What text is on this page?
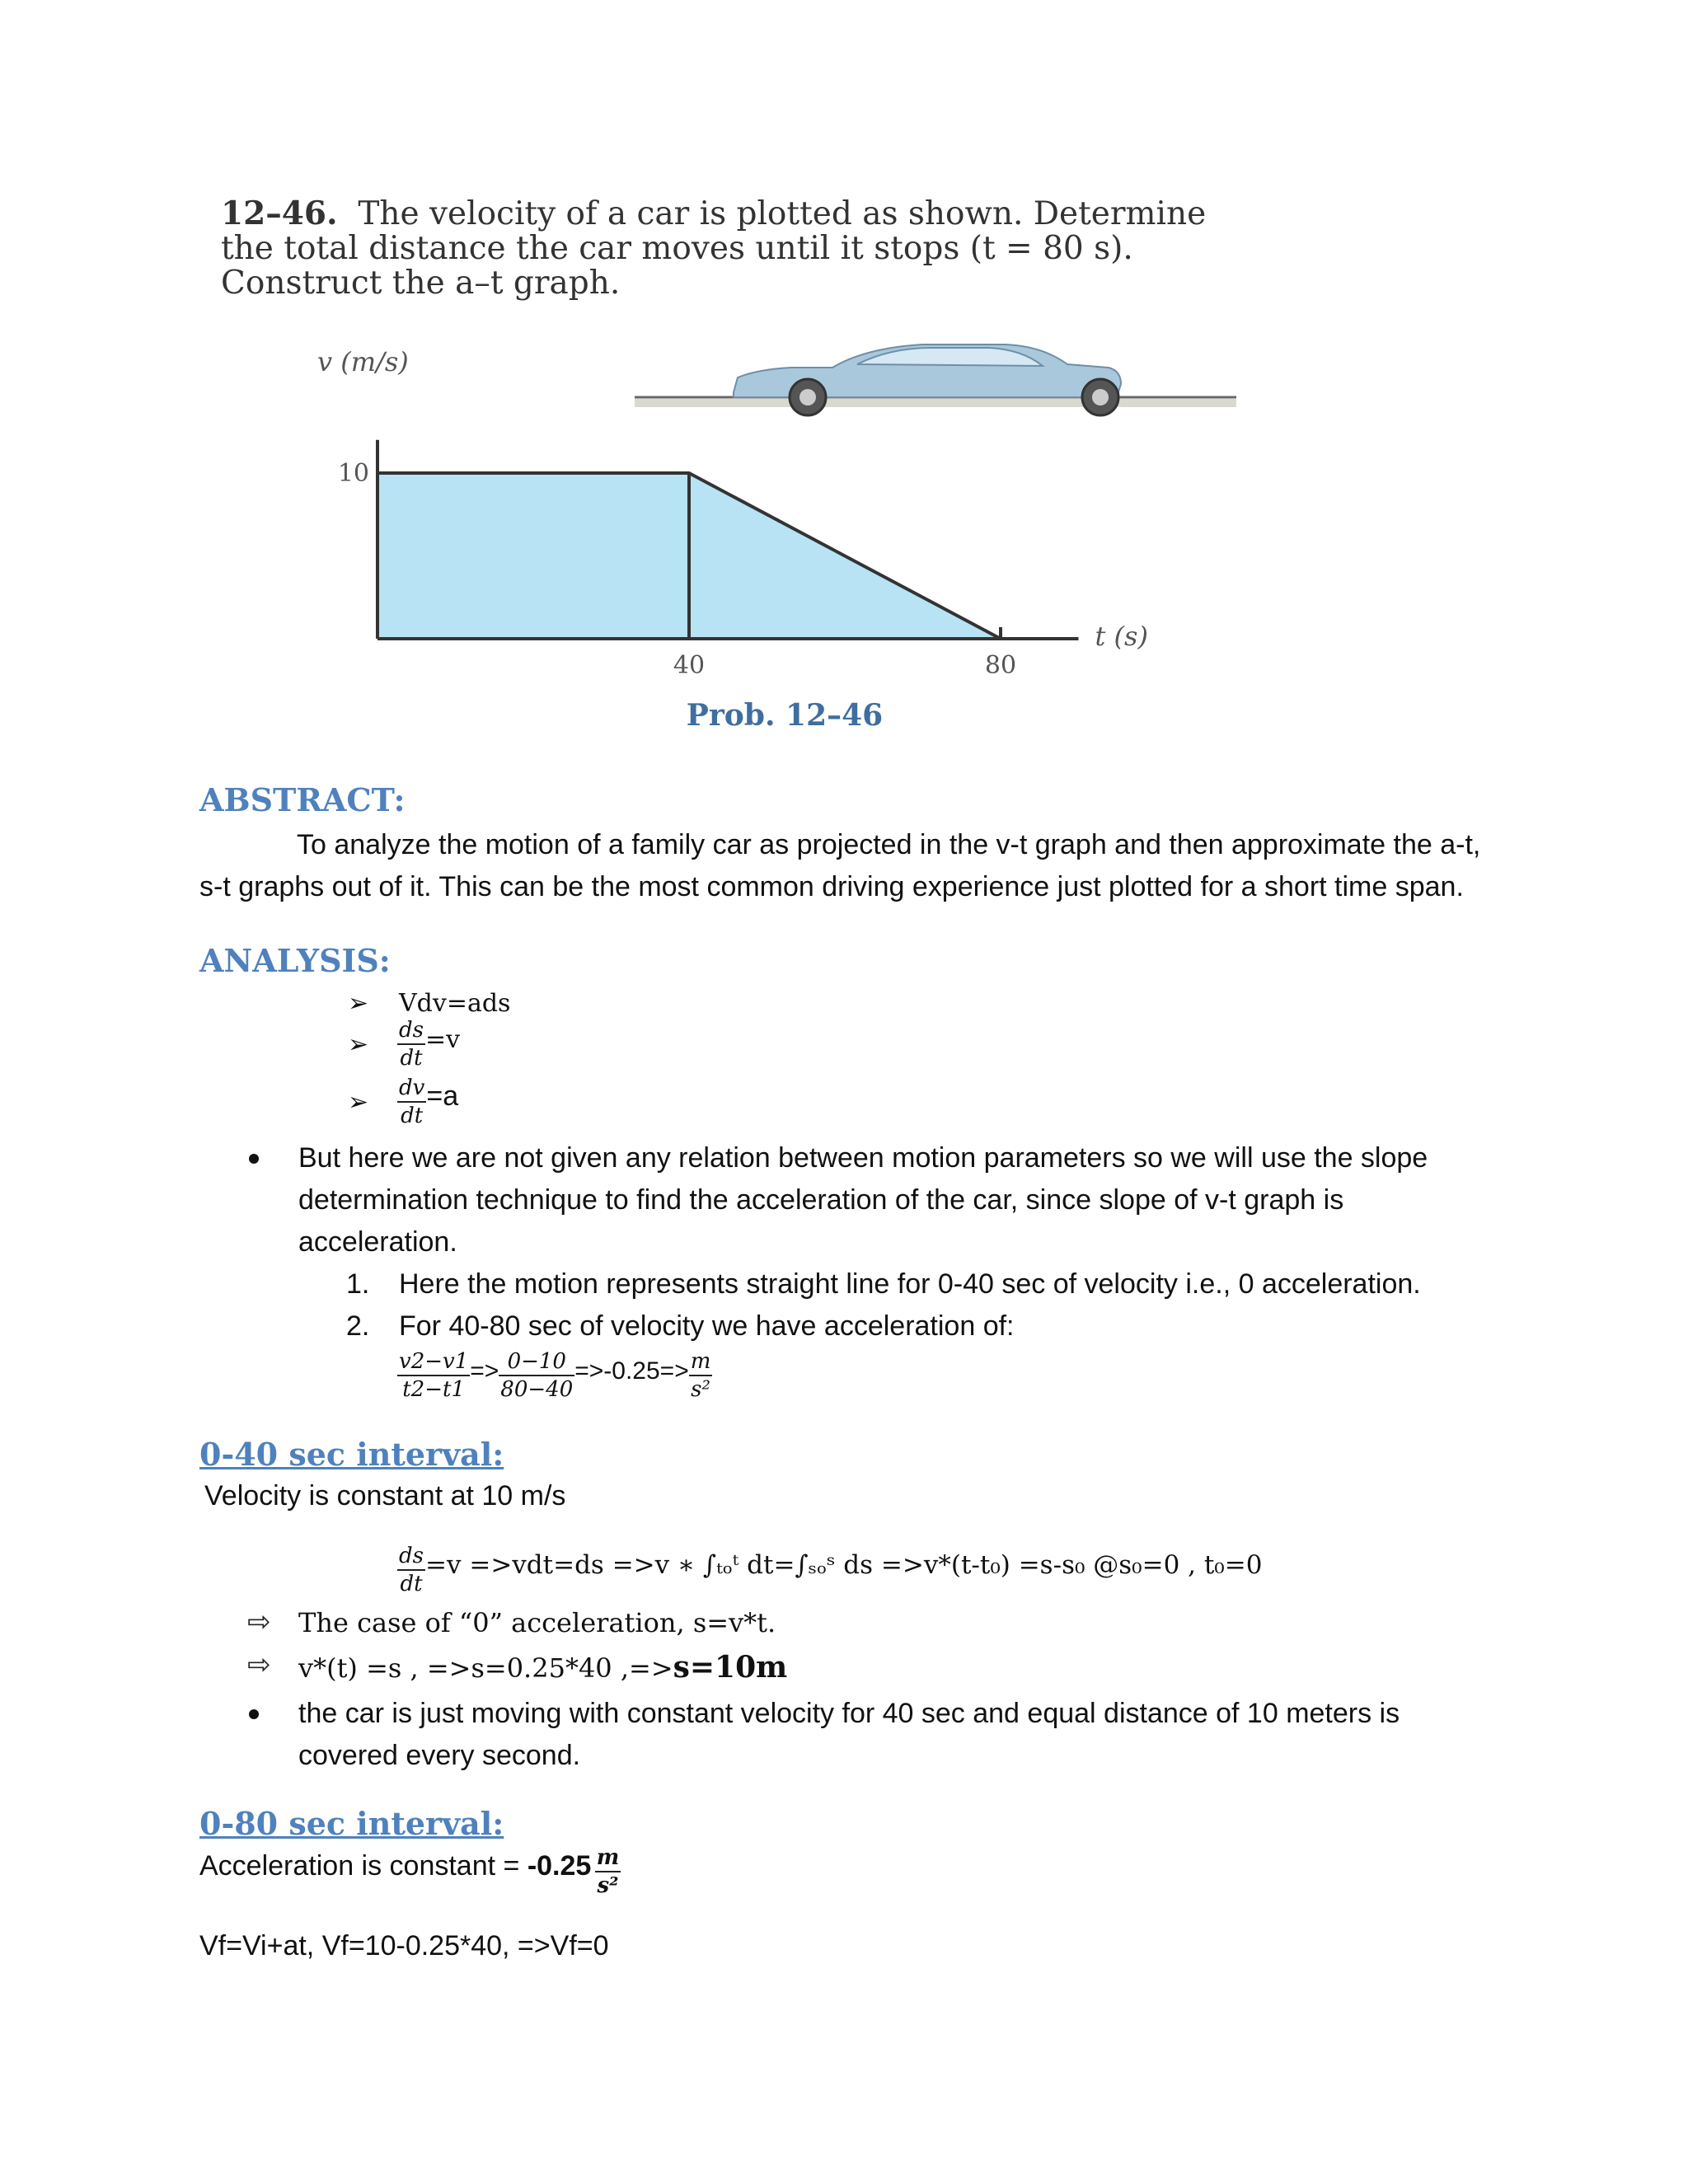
12–46. The velocity of a car is plotted as shown. Determine
the total distance the car moves until it stops (t = 80 s).
Construct the a–t graph.
10
40	80
v (m/s)
t (s)
Prob. 12–46
ABSTRACT:
To analyze the motion of a family car as projected in the v-t graph and then approximate the a-t,
s-t graphs out of it. This can be the most common driving experience just plotted for a short time span.
ANALYSIS:
➢ Vdv=ads
➢ $\frac{ds}{dt} =v$
➢ $\frac{dv}{dt} =a$
But here we are not given any relation between motion parameters so we will use the slope
determination technique to find the acceleration of the car, since slope of v-t graph is
acceleration.
1. Here the motion represents straight line for 0-40 sec of velocity i.e., 0 acceleration.
2. For 40-80 sec of velocity we have acceleration of:
$\frac{v2-v1}{t2-t1} => \frac{0-10}{80-40} =>-0.25=> \frac{m}{\text{s²}}$
0-40 sec interval:
Velocity is constant at 10 m/s
$\frac{ds}{dt} =v =>vdt=ds =>v$ ∗ ∫ₜₒᵗ dt=∫ₛₒˢ ds =>v*(t-t₀) =s-s₀ @s₀=0 , t₀=0
⇨ The case of “0” acceleration, s=v*t.
⇨ v*(t) =s , =>s=0.25*40 ,=>s=10m
the car is just moving with constant velocity for 40 sec and equal distance of 10 meters is
covered every second.
0-80 sec interval:
Acceleration is constant = $-0.25 \frac{m}{\text{s²}}$
Vf=Vi+at, Vf=10-0.25*40, =>Vf=0
